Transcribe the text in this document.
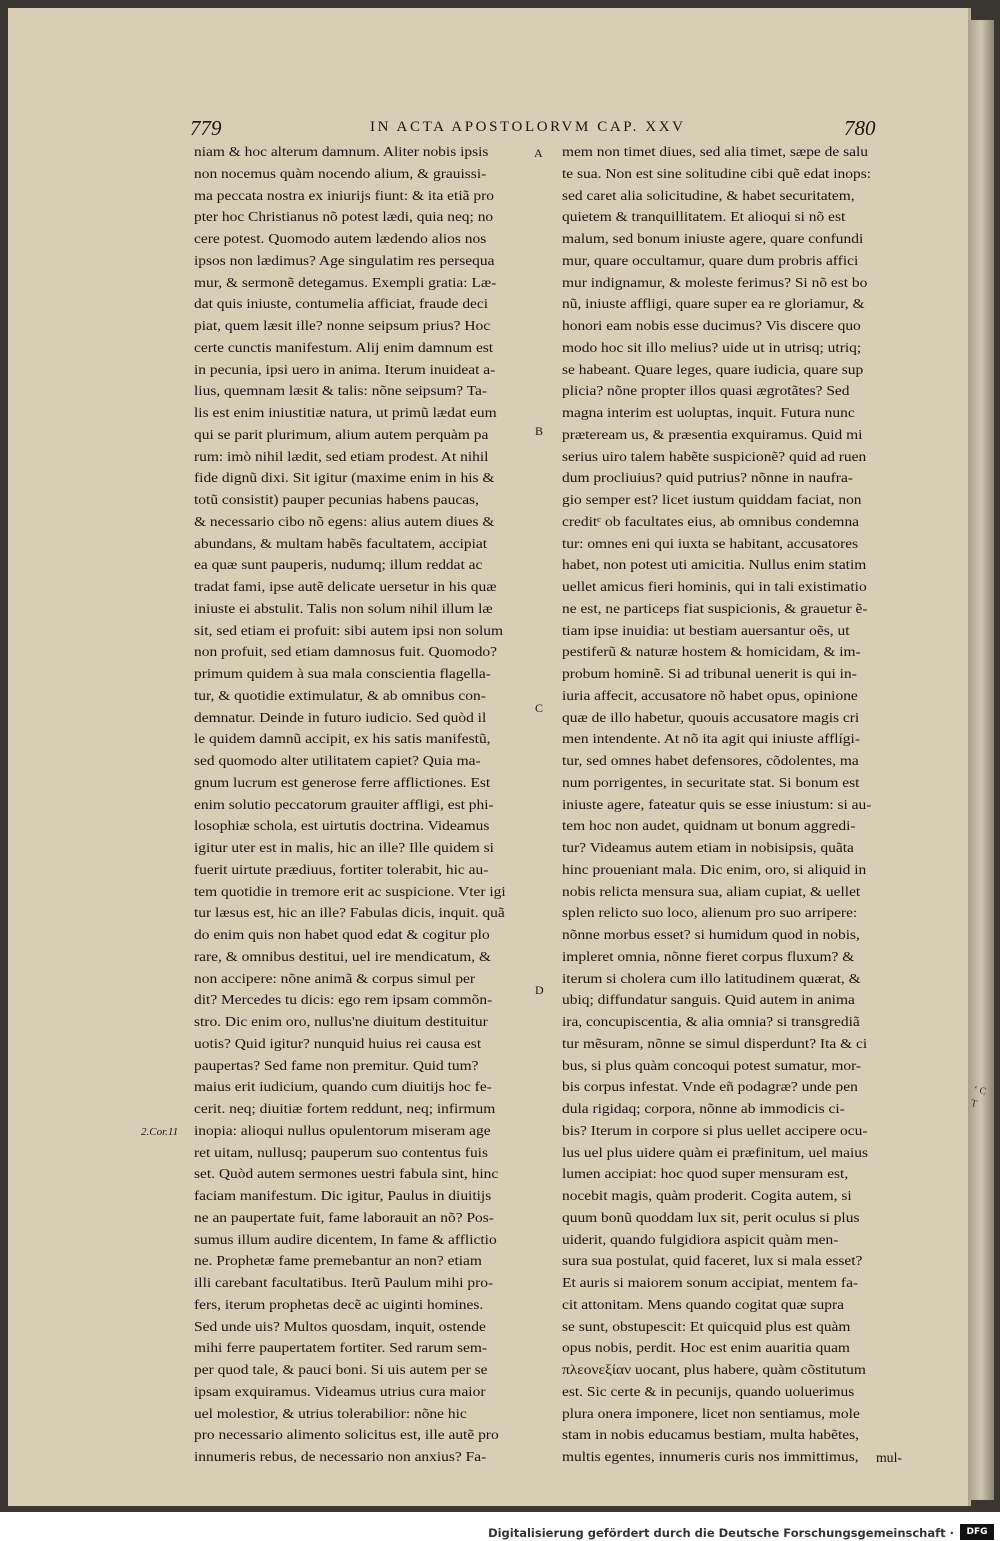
779	IN ACTA APOSTOLORVM CAP. XXV	780
niam & hoc alterum damnum. Aliter nobis ipsis
non nocemus quàm nocendo alium, & grauissi-
ma peccata nostra ex iniurijs fiunt: & ita etiã pro
pter hoc Christianus nõ potest lædi, quia neq; no
cere potest. Quomodo autem lædendo alios nos
ipsos non lædimus? Age singulatim res persequa
mur, & sermonẽ detegamus. Exempli gratia: Læ-
dat quis iniuste, contumelia afficiat, fraude deci
piat, quem læsit ille? nonne seipsum prius? Hoc
certe cunctis manifestum. Alij enim damnum est
in pecunia, ipsi uero in anima. Iterum inuideat a-
lius, quemnam læsit & talis: nõne seipsum? Ta-
lis est enim iniustitiæ natura, ut primũ lædat eum
qui se parit plurimum, alium autem perquàm pa
rum: imò nihil lædit, sed etiam prodest. At nihil
fide dignũ dixi. Sit igitur (maxime enim in his &
totũ consistit) pauper pecunias habens paucas,
& necessario cibo nõ egens: alius autem diues &
abundans, & multam habẽs facultatem, accipiat
ea quæ sunt pauperis, nudumq; illum reddat ac
tradat fami, ipse autẽ delicate uersetur in his quæ
iniuste ei abstulit. Talis non solum nihil illum læ
sit, sed etiam ei profuit: sibi autem ipsi non solum
non profuit, sed etiam damnosus fuit. Quomodo?
primum quidem à sua mala conscientia flagella-
tur, & quotidie extimulatur, & ab omnibus con-
demnatur. Deinde in futuro iudicio. Sed quòd il
le quidem damnũ accipit, ex his satis manifestũ,
sed quomodo alter utilitatem capiet? Quia ma-
gnum lucrum est generose ferre afflictiones. Est
enim solutio peccatorum grauiter affligi, est phi-
losophiæ schola, est uirtutis doctrina. Videamus
igitur uter est in malis, hic an ille? Ille quidem si
fuerit uirtute prædiuus, fortiter tolerabit, hic au-
tem quotidie in tremore erit ac suspicione. Vter igi
tur læsus est, hic an ille? Fabulas dicis, inquit. quã
do enim quis non habet quod edat & cogitur plo
rare, & omnibus destitui, uel ire mendicatum, &
non accipere: nõne animã & corpus simul per
dit? Mercedes tu dicis: ego rem ipsam commõn-
stro. Dic enim oro, nullus'ne diuitum destituitur
uotis? Quid igitur? nunquid huius rei causa est
paupertas? Sed fame non premitur. Quid tum?
maius erit iudicium, quando cum diuitijs hoc fe-
cerit. neq; diuitiæ fortem reddunt, neq; infirmum
inopia: alioqui nullus opulentorum miseram age
ret uitam, nullusq; pauperum suo contentus fuis
set. Quòd autem sermones uestri fabula sint, hinc
faciam manifestum. Dic igitur, Paulus in diuitijs
ne an paupertate fuit, fame laborauit an nõ? Pos-
sumus illum audire dicentem, In fame & afflictio
ne. Prophetæ fame premebantur an non? etiam
illi carebant facultatibus. Iterũ Paulum mihi pro-
fers, iterum prophetas decẽ ac uiginti homines.
Sed unde uis? Multos quosdam, inquit, ostende
mihi ferre paupertatem fortiter. Sed rarum sem-
per quod tale, & pauci boni. Si uis autem per se
ipsam exquiramus. Videamus utrius cura maior
uel molestior, & utrius tolerabilior: nõne hic
pro necessario alimento solicitus est, ille autẽ pro
innumeris rebus, de necessario non anxius? Fa-
mem non timet diues, sed alia timet, sæpe de salu
te sua. Non est sine solitudine cibi quẽ edat inops:
sed caret alia solicitudine, & habet securitatem,
quietem & tranquillitatem. Et alioqui si nõ est
malum, sed bonum iniuste agere, quare confundi
mur, quare occultamur, quare dum probris affici
mur indignamur, & moleste ferimus? Si nõ est bo
nũ, iniuste affligi, quare super ea re gloriamur, &
honori eam nobis esse ducimus? Vis discere quo
modo hoc sit illo melius? uide ut in utrisq; utriq;
se habeant. Quare leges, quare iudicia, quare sup
plicia? nõne propter illos quasi ægrotãtes? Sed
magna interim est uoluptas, inquit. Futura nunc
præteream us, & præsentia exquiramus. Quid mi
serius uiro talem habẽte suspicionẽ? quid ad ruen
dum procliuius? quid putrius? nõnne in naufra-
gio semper est? licet iustum quiddam faciat, non
creditᶜ ob facultates eius, ab omnibus condemna
tur: omnes eni qui iuxta se habitant, accusatores
habet, non potest uti amicitia. Nullus enim statim
uellet amicus fieri hominis, qui in tali existimatio
ne est, ne particeps fiat suspicionis, & grauetur ẽ-
tiam ipse inuidia: ut bestiam auersantur oẽs, ut
pestiferũ & naturæ hostem & homicidam, & im-
probum hominẽ. Si ad tribunal uenerit is qui in-
iuria affecit, accusatore nõ habet opus, opinione
quæ de illo habetur, quouis accusatore magis cri
men intendente. At nõ ita agit qui iniuste afflígi-
tur, sed omnes habet defensores, cõdolentes, ma
num porrigentes, in securitate stat. Si bonum est
iniuste agere, fateatur quis se esse iniustum: si au-
tem hoc non audet, quidnam ut bonum aggredi-
tur? Videamus autem etiam in nobisipsis, quãta
hinc proueniant mala. Dic enim, oro, si aliquid in
nobis relicta mensura sua, aliam cupiat, & uellet
splen relicto suo loco, alienum pro suo arripere:
nõnne morbus esset? si humidum quod in nobis,
impleret omnia, nõnne fieret corpus fluxum? &
iterum si cholera cum illo latitudinem quærat, &
ubiq; diffundatur sanguis. Quid autem in anima
ira, concupiscentia, & alia omnia? si transgrediã
tur mẽsuram, nõnne se simul disperdunt? Ita & ci
bus, si plus quàm concoqui potest sumatur, mor-
bis corpus infestat. Vnde eñ podagræ? unde pen
dula rigidaq; corpora, nõnne ab immodicis ci-
bis? Iterum in corpore si plus uellet accipere ocu-
lus uel plus uidere quàm ei præfinitum, uel maius
lumen accipiat: hoc quod super mensuram est,
nocebit magis, quàm proderit. Cogita autem, si
quum bonũ quoddam lux sit, perit oculus si plus
uiderit, quando fulgidiora aspicit quàm men-
sura sua postulat, quid faceret, lux si mala esset?
Et auris si maiorem sonum accipiat, mentem fa-
cit attonitam. Mens quando cogitat quæ supra
se sunt, obstupescit: Et quicquid plus est quàm
opus nobis, perdit. Hoc est enim auaritia quam
πλεονεξίαν uocant, plus habere, quàm cõstitutum
est. Sic certe & in pecunijs, quando uoluerimus
plura onera imponere, licet non sentiamus, mole
stam in nobis educamus bestiam, multa habẽtes,
multis egentes, innumeris curis nos immittimus,
A
B
C
D
2.Cor.11
mul-
ʻ C T
Digitalisierung gefördert durch die Deutsche Forschungsgemeinschaft ·	DFG
